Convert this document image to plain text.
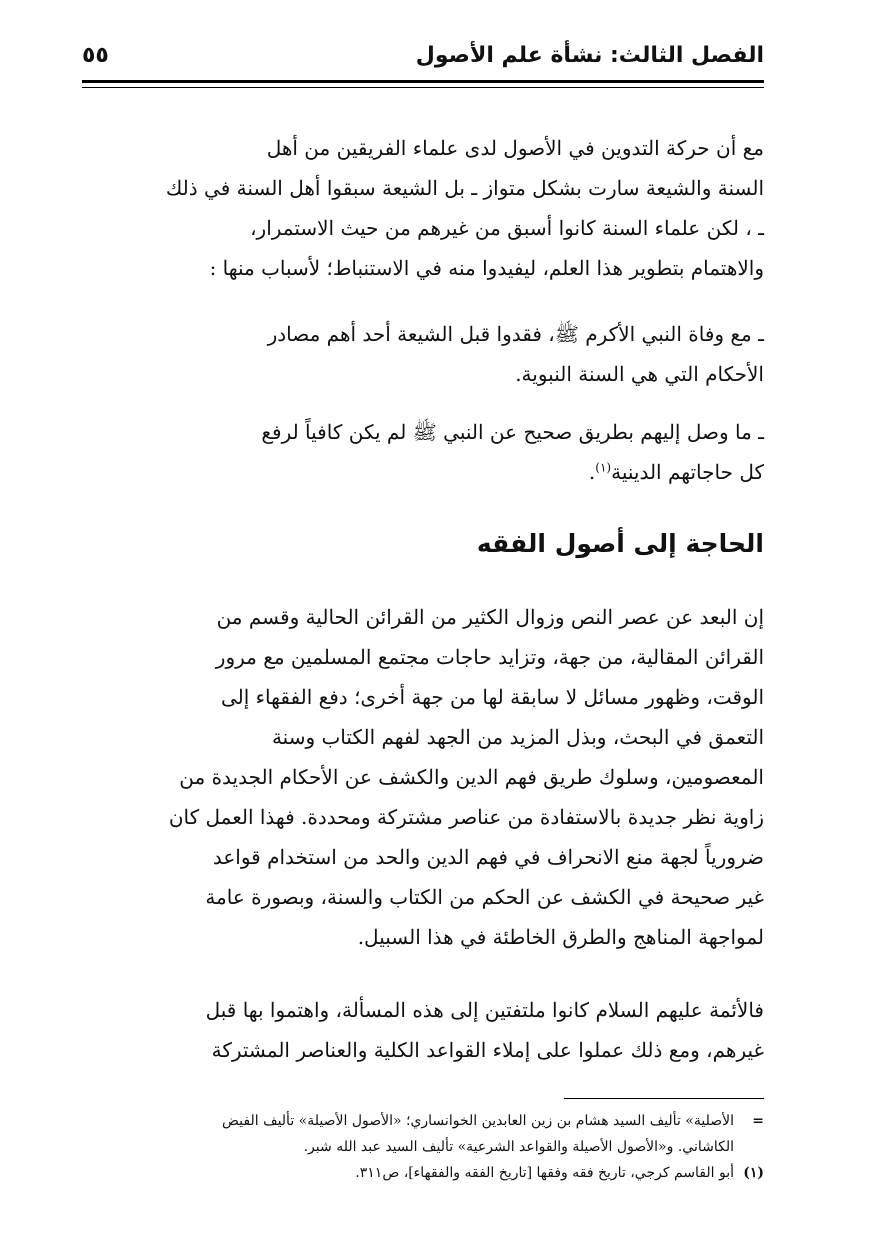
الفصل الثالث: نشأة علم الأصول
٥٥

مع أن حركة التدوين في الأصول لدى علماء الفريقين من أهل
السنة والشيعة سارت بشكل متواز ـ بل الشيعة سبقوا أهل السنة في ذلك
ـ ، لكن علماء السنة كانوا أسبق من غيرهم من حيث الاستمرار،
والاهتمام بتطوير هذا العلم، ليفيدوا منه في الاستنباط؛ لأسباب منها :

ـ مع وفاة النبي الأكرم ﷺ، فقدوا قبل الشيعة أحد أهم مصادر
الأحكام التي هي السنة النبوية.

ـ ما وصل إليهم بطريق صحيح عن النبي ﷺ لم يكن كافياً لرفع
كل حاجاتهم الدينية$^{(١)}$.

الحاجة إلى أصول الفقه

إن البعد عن عصر النص وزوال الكثير من القرائن الحالية وقسم من
القرائن المقالية، من جهة، وتزايد حاجات مجتمع المسلمين مع مرور
الوقت، وظهور مسائل لا سابقة لها من جهة أخرى؛ دفع الفقهاء إلى
التعمق في البحث، وبذل المزيد من الجهد لفهم الكتاب وسنة
المعصومين، وسلوك طريق فهم الدين والكشف عن الأحكام الجديدة من
زاوية نظر جديدة بالاستفادة من عناصر مشتركة ومحددة. فهذا العمل كان
ضرورياً لجهة منع الانحراف في فهم الدين والحد من استخدام قواعد
غير صحيحة في الكشف عن الحكم من الكتاب والسنة، وبصورة عامة
لمواجهة المناهج والطرق الخاطئة في هذا السبيل.

فالأئمة عليهم السلام كانوا ملتفتين إلى هذه المسألة، واهتموا بها قبل
غيرهم، ومع ذلك عملوا على إملاء القواعد الكلية والعناصر المشتركة

=
الأصلية» تأليف السيد هشام بن زين العابدين الخوانساري؛ «الأصول الأصيلة» تأليف الفيض
الكاشاني. و«الأصول الأصيلة والقواعد الشرعية» تأليف السيد عبد الله شبر.
(١)
أبو القاسم كرجي، تاريخ فقه وفقها [تاريخ الفقه والفقهاء]، ص٣١١.
